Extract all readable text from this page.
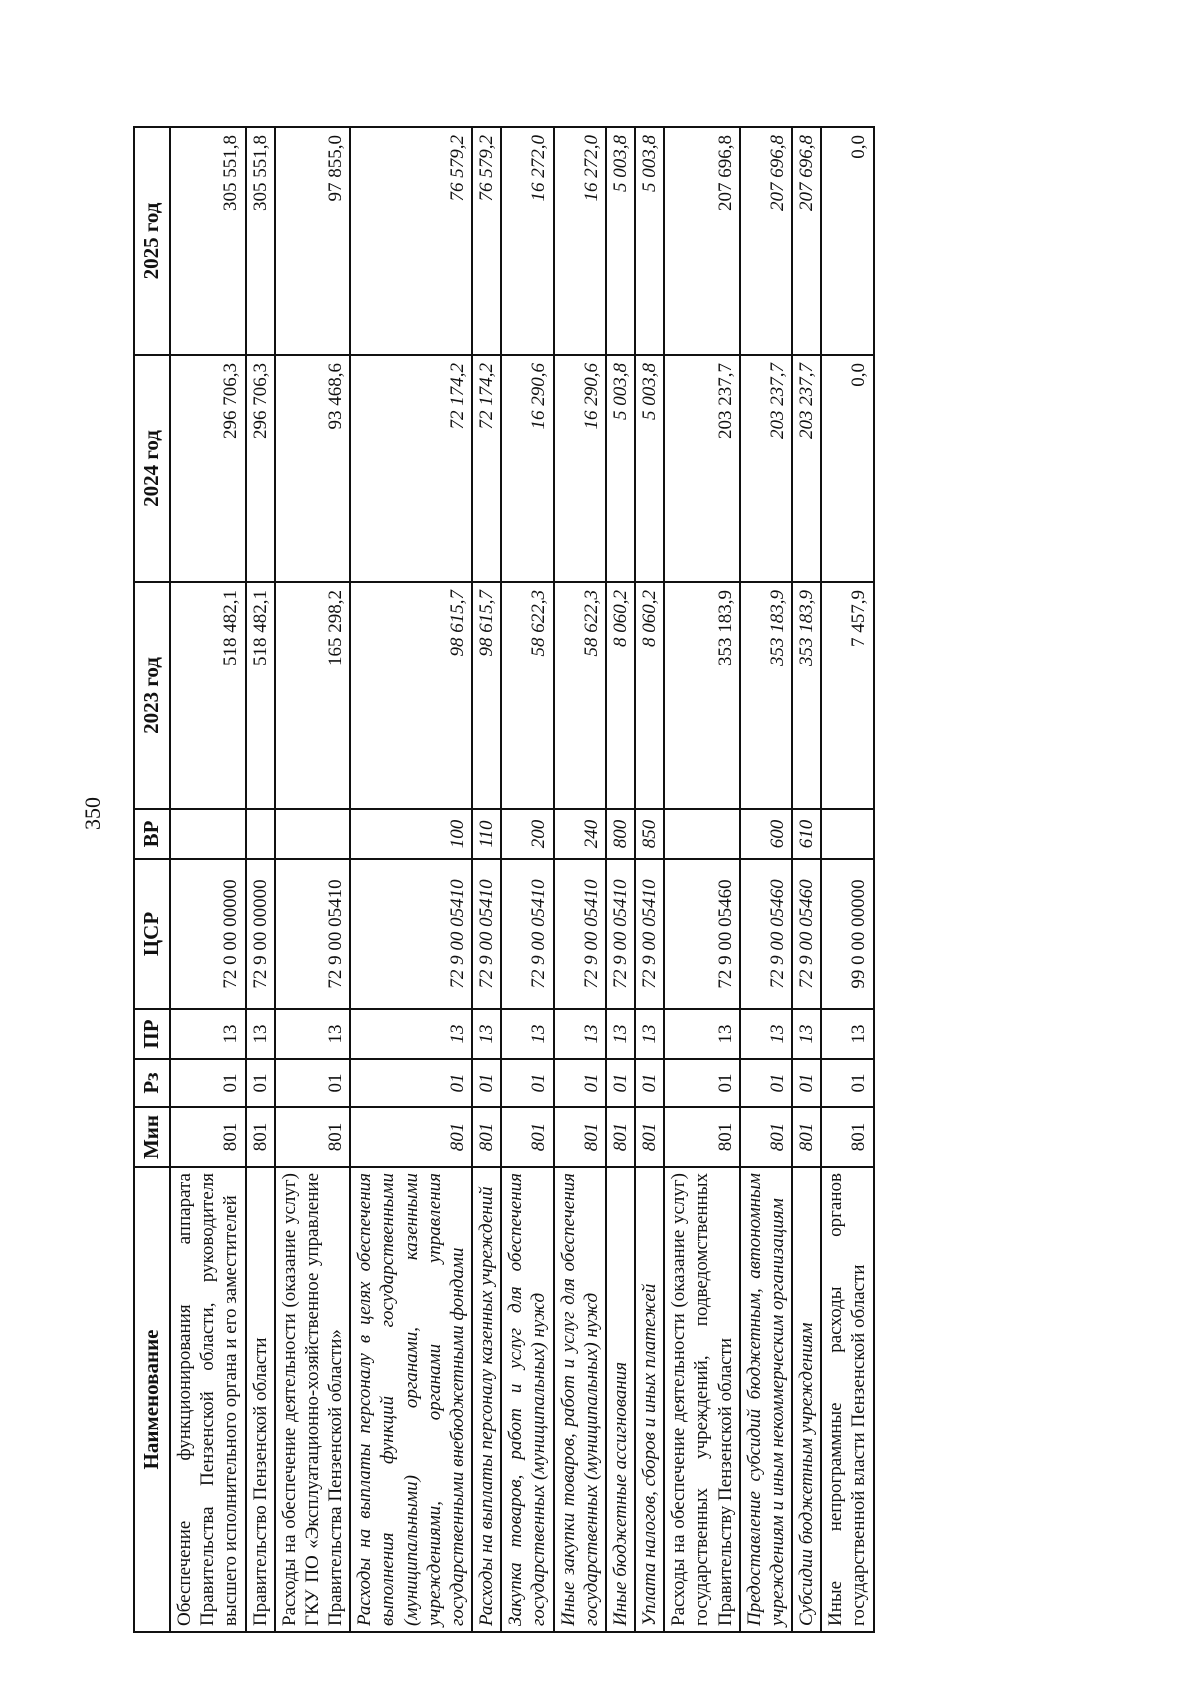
350
Наименование	Мин	Рз	ПР	ЦСР	ВР	2023 год	2024 год	2025 год
Обеспечение функционирования аппарата Правительства Пензенской области, руководителя высшего исполнительного органа и его заместителей	801	01	13	72 0 00 00000		518 482,1	296 706,3	305 551,8
Правительство Пензенской области	801	01	13	72 9 00 00000		518 482,1	296 706,3	305 551,8
Расходы на обеспечение деятельности (оказание услуг) ГКУ ПО «Эксплуатационно-хозяйственное управление Правительства Пензенской области»	801	01	13	72 9 00 05410		165 298,2	93 468,6	97 855,0
Расходы на выплаты персоналу в целях обеспечения выполнения функций государственными (муниципальными) органами, казенными учреждениями, органами управления государственными внебюджетными фондами	801	01	13	72 9 00 05410	100	98 615,7	72 174,2	76 579,2
Расходы на выплаты персоналу казенных учреждений	801	01	13	72 9 00 05410	110	98 615,7	72 174,2	76 579,2
Закупка товаров, работ и услуг для обеспечения государственных (муниципальных) нужд	801	01	13	72 9 00 05410	200	58 622,3	16 290,6	16 272,0
Иные закупки товаров, работ и услуг для обеспечения государственных (муниципальных) нужд	801	01	13	72 9 00 05410	240	58 622,3	16 290,6	16 272,0
Иные бюджетные ассигнования	801	01	13	72 9 00 05410	800	8 060,2	5 003,8	5 003,8
Уплата налогов, сборов и иных платежей	801	01	13	72 9 00 05410	850	8 060,2	5 003,8	5 003,8
Расходы на обеспечение деятельности (оказание услуг) государственных учреждений, подведомственных Правительству Пензенской области	801	01	13	72 9 00 05460		353 183,9	203 237,7	207 696,8
Предоставление субсидий бюджетным, автономным учреждениям и иным некоммерческим организациям	801	01	13	72 9 00 05460	600	353 183,9	203 237,7	207 696,8
Субсидии бюджетным учреждениям	801	01	13	72 9 00 05460	610	353 183,9	203 237,7	207 696,8
Иные непрограммные расходы органов государственной власти Пензенской области	801	01	13	99 0 00 00000		7 457,9	0,0	0,0
